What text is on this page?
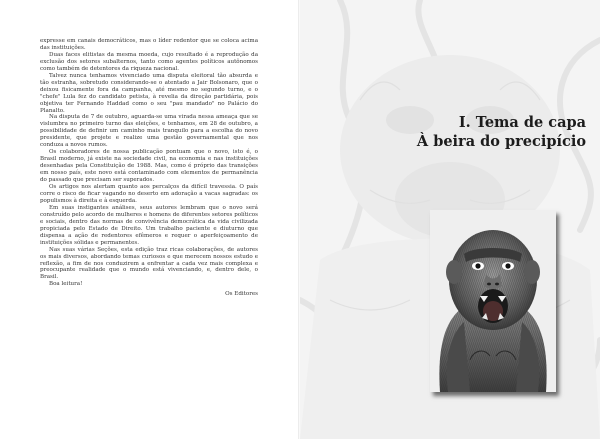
expresse em canais democráticos, mas o líder redentor que se coloca acima das instituições.

Duas faces elitistas da mesma moeda, cujo resultado é a reprodução da exclusão dos setores subalternos, tanto como agentes políticos autônomos como também de detentores da riqueza nacional.

Talvez nunca tenhamos vivenciado uma disputa eleitoral tão absurda e tão estranha, sobretudo considerando-se o atentado a Jair Bolsonaro, que o deixou fisicamente fora da campanha, até mesmo no segundo turno, e o "chefe" Lula fez do candidato petista, à revelia da direção partidária, pois objetiva ter Fernando Haddad como o seu "pau mandado" no Palácio do Planalto.

Na disputa de 7 de outubro, aguarda-se uma virada nessa ameaça que se vislumbra no primeiro turno das eleições, e tenhamos, em 28 de outubro, a possibilidade de definir um caminho mais tranquilo para a escolha do novo presidente, que projete e realize uma gestão governamental que nos conduza a novos rumos.

Os colaboradores de nossa publicação pontuam que o novo, isto é, o Brasil moderno, já existe na sociedade civil, na economia e nas instituições desenhadas pela Constituição de 1988. Mas, como é próprio das transições em nosso país, este novo está contaminado com elementos de permanência do passado que precisam ser superados.

Os artigos nos alertam quanto aos percalços da difícil travessia. O país corre o risco de ficar vagando no deserto em adoração a vacas sagradas: os populismos à direita e à esquerda.

Em suas instigantes análises, seus autores lembram que o novo será construído pelo acordo de mulheres e homens de diferentes setores políticos e sociais, dentro das normas de convivência democrática da vida civilizada propiciada pelo Estado de Direito. Um trabalho paciente e diuturno que dispensa a ação de redentores efêmeros e requer o aperfeiçoamento de instituições sólidas e permanentes.

Nas suas várias Seções, esta edição traz ricas colaborações, de autores os mais diversos, abordando temas curiosos e que merecem nossos estudo e reflexão, a fim de nos conduzirem a enfrentar a cada vez mais complexa e preocupante realidade que o mundo está vivenciando, e, dentro dele, o Brasil.

Boa leitura!

Os Editores
I. Tema de capa
À beira do precipício
